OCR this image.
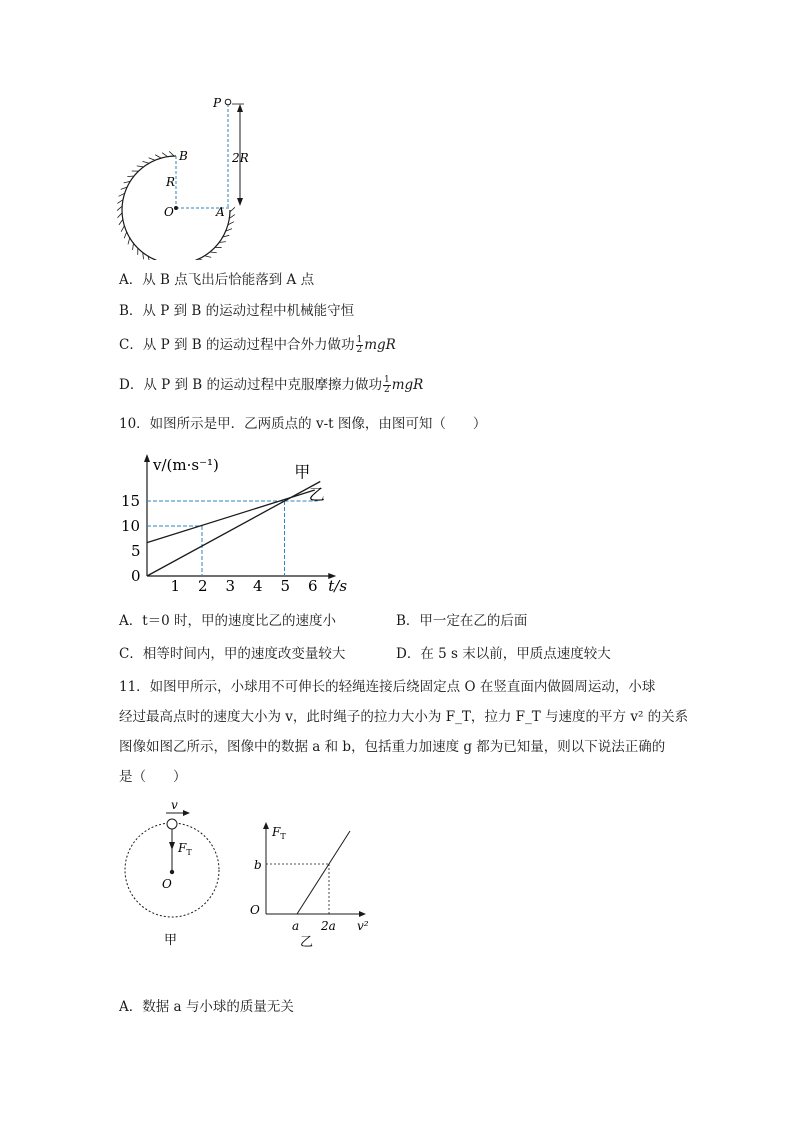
P
B
R
O	A
2R
A．从 B 点飞出后恰能落到 A 点
B．从 P 到 B 的运动过程中机械能守恒
C．从 P 到 B 的运动过程中合外力做功 $\frac{1}{2}$ mgR
D．从 P 到 B 的运动过程中克服摩擦力做功 $\frac{1}{2}$ mgR
10．如图所示是甲．乙两质点的 v-t 图像，由图可知（　　）
甲
乙
1 2 3 4 5 6
0
5
10
15
t/s
v/(m·s⁻¹)
A．t＝0 时，甲的速度比乙的速度小	B．甲一定在乙的后面
C．相等时间内，甲的速度改变量较大	D．在 5 s 末以前，甲质点速度较大
11．如图甲所示，小球用不可伸长的轻绳连接后绕固定点 O 在竖直面内做圆周运动，小球
经过最高点时的速度大小为 v，此时绳子的拉力大小为 F_T，拉力 F_T 与速度的平方 v² 的关系
图像如图乙所示，图像中的数据 a 和 b，包括重力加速度 g 都为已知量，则以下说法正确的
是（　　）
v
$F_T$
O
甲
$F_T$
b
O
a 2a v²
乙
A．数据 a 与小球的质量无关
